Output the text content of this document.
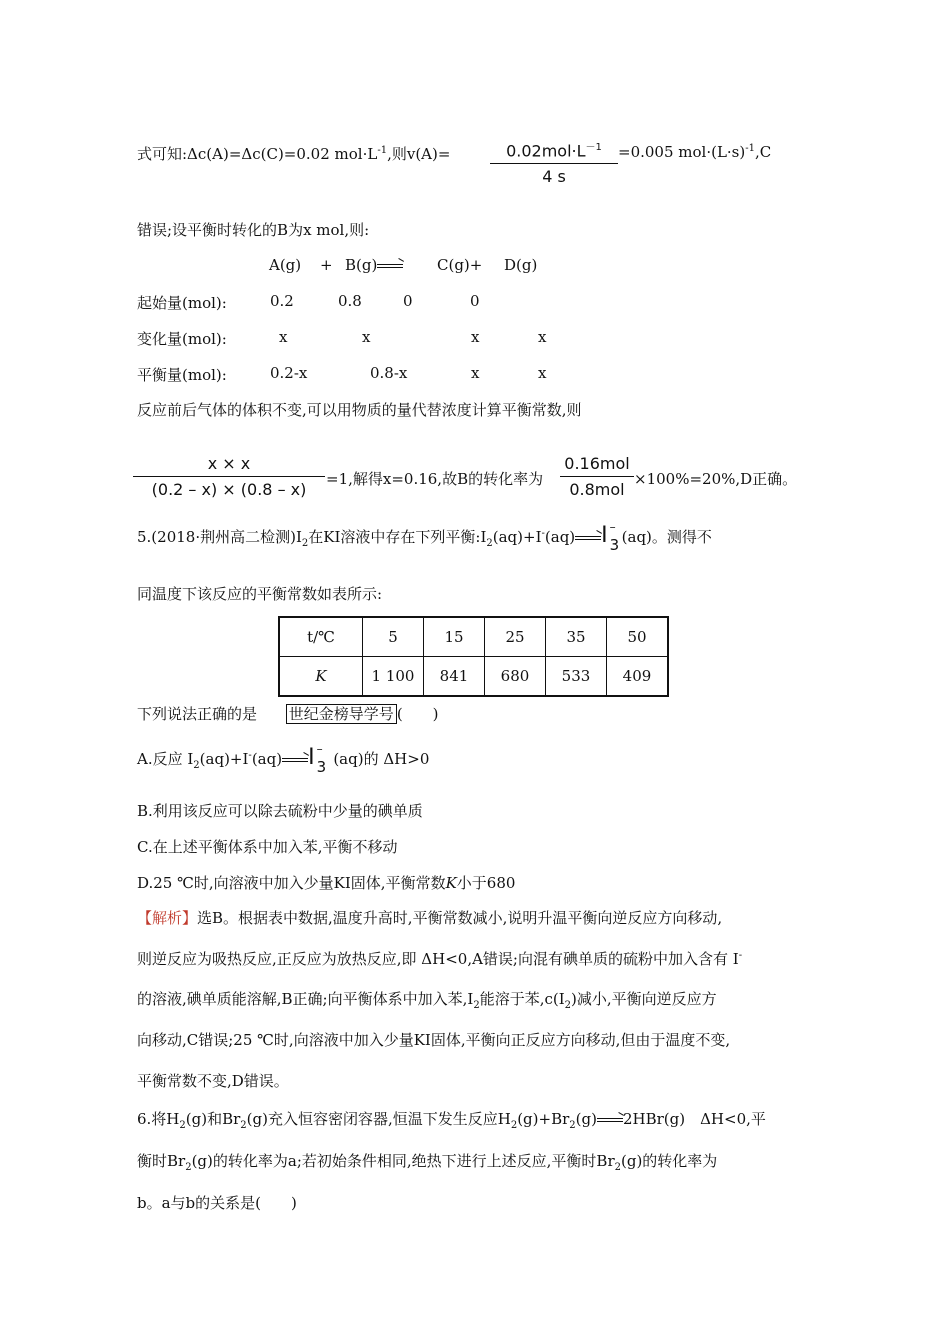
式可知:Δc(A)=Δc(C)=0.02 $mol\cdot L^{-1}$,则v(A)=	$0.02mol\cdot L^{-1}$
4 s
=0.005 $mol\cdot(L\cdot s)^{-1},C$
错误;设平衡时转化的B为x mol,则:
A(g) + B(g)→ C(g)+ D(g)
起始量(mol):	0.2	0.8	0	0
变化量(mol):	x	x	x	x
平衡量(mol):	0.2-x	0.8-x	x	x
反应前后气体的体积不变,可以用物质的量代替浓度计算平衡常数,则
x × x
(0.2 – x) × (0.8 – x)
=1,解得x=0.16,故B的转化率为
0.16mol
0.8mol
×100%=20%,D正确。
5.(2018·荆州高二检测)$I_2$在KI溶液中存在下列平衡$:I_2(aq)+I^-(aq)\to I$ –
3 (aq)。测得不
同温度下该反应的平衡常数如表所示:
t/℃	5	15	25	35	50
K	1 100	841	680	533	409
下列说法正确的是 世纪金榜导学号 (　　)
A.反应 $I_2(aq)+I^-(aq)\to I$ –
3 (aq)的 ΔH>0
B.利用该反应可以除去硫粉中少量的碘单质
C.在上述平衡体系中加入苯,平衡不移动
D.25 ℃时,向溶液中加入少量KI固体,平衡常数K小于680
【解析】选B。根据表中数据,温度升高时,平衡常数减小,说明升温平衡向逆反应方向移动,
则逆反应为吸热反应,正反应为放热反应,即 ΔH<0,A错误;向混有碘单质的硫粉中加入含有 I-
的溶液,碘单质能溶解,B正确;向平衡体系中加入苯$,I_2$能溶于苯$,c(I_2)$减小,平衡向逆反应方
向移动,C错误;25 ℃时,向溶液中加入少量KI固体,平衡向正反应方向移动,但由于温度不变,
平衡常数不变,D错误。
6.将$H_2(g)$和$Br_2(g)$充入恒容密闭容器,恒温下发生反应$H_2(g)+Br_2(g)\to 2HBr(g)$　ΔH<0,平
衡时$Br_2(g)$的转化率为a;若初始条件相同,绝热下进行上述反应,平衡时$Br_2(g)$的转化率为
b。a与b的关系是(　　)
